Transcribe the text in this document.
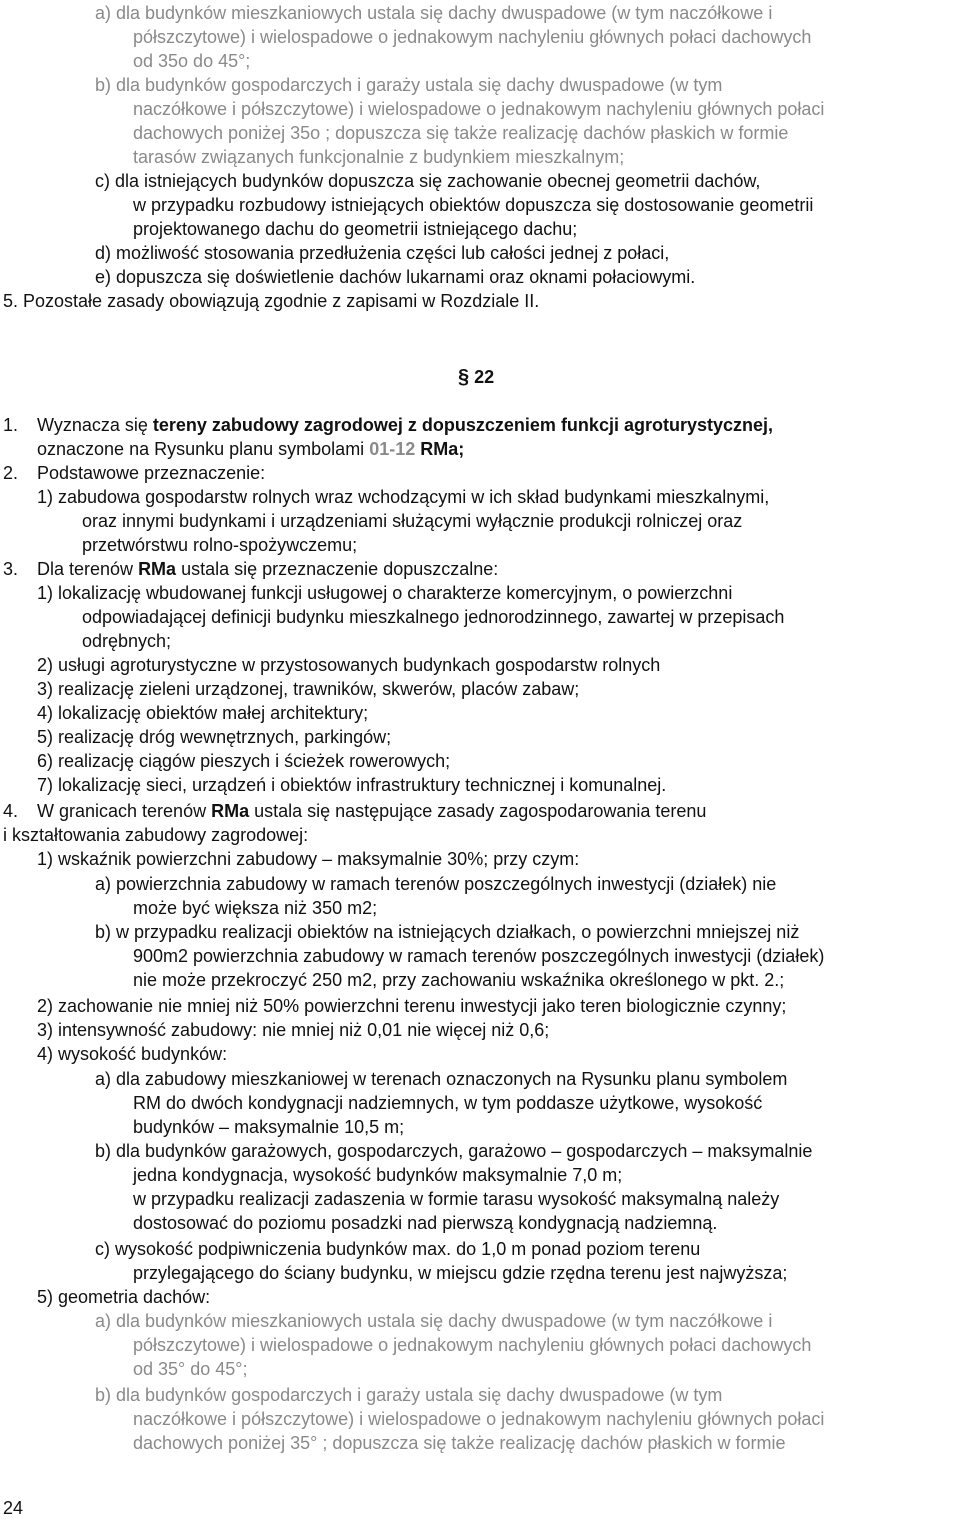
a) dla budynków mieszkaniowych ustala się dachy dwuspadowe (w tym naczółkowe i
półszczytowe) i wielospadowe o jednakowym nachyleniu głównych połaci dachowych
od 35o do 45°;
b) dla budynków gospodarczych i garaży ustala się dachy dwuspadowe (w tym
naczółkowe i półszczytowe) i wielospadowe o jednakowym nachyleniu głównych połaci
dachowych poniżej 35o ; dopuszcza się także realizację dachów płaskich w formie
tarasów związanych funkcjonalnie z budynkiem mieszkalnym;
c) dla istniejących budynków dopuszcza się zachowanie obecnej geometrii dachów,
w przypadku rozbudowy istniejących obiektów dopuszcza się dostosowanie geometrii
projektowanego dachu do geometrii istniejącego dachu;
d) możliwość stosowania przedłużenia części lub całości jednej z połaci,
e) dopuszcza się doświetlenie dachów lukarnami oraz oknami połaciowymi.
5. Pozostałe zasady obowiązują zgodnie z zapisami w Rozdziale II.
§ 22
1. Wyznacza się tereny zabudowy zagrodowej z dopuszczeniem funkcji agroturystycznej,
oznaczone na Rysunku planu symbolami 01-12 RMa;
2. Podstawowe przeznaczenie:
1) zabudowa gospodarstw rolnych wraz wchodzącymi w ich skład budynkami mieszkalnymi,
oraz innymi budynkami i urządzeniami służącymi wyłącznie produkcji rolniczej oraz
przetwórstwu rolno-spożywczemu;
3. Dla terenów RMa ustala się przeznaczenie dopuszczalne:
1) lokalizację wbudowanej funkcji usługowej o charakterze komercyjnym, o powierzchni
odpowiadającej definicji budynku mieszkalnego jednorodzinnego, zawartej w przepisach
odrębnych;
2) usługi agroturystyczne w przystosowanych budynkach gospodarstw rolnych
3) realizację zieleni urządzonej, trawników, skwerów, placów zabaw;
4) lokalizację obiektów małej architektury;
5) realizację dróg wewnętrznych, parkingów;
6) realizację ciągów pieszych i ścieżek rowerowych;
7) lokalizację sieci, urządzeń i obiektów infrastruktury technicznej i komunalnej.
4. W granicach terenów RMa ustala się następujące zasady zagospodarowania terenu
i kształtowania zabudowy zagrodowej:
1) wskaźnik powierzchni zabudowy – maksymalnie 30%; przy czym:
a) powierzchnia zabudowy w ramach terenów poszczególnych inwestycji (działek) nie
może być większa niż 350 m2;
b) w przypadku realizacji obiektów na istniejących działkach, o powierzchni mniejszej niż
900m2 powierzchnia zabudowy w ramach terenów poszczególnych inwestycji (działek)
nie może przekroczyć 250 m2, przy zachowaniu wskaźnika określonego w pkt. 2.;
2) zachowanie nie mniej niż 50% powierzchni terenu inwestycji jako teren biologicznie czynny;
3) intensywność zabudowy: nie mniej niż 0,01 nie więcej niż 0,6;
4) wysokość budynków:
a) dla zabudowy mieszkaniowej w terenach oznaczonych na Rysunku planu symbolem
RM do dwóch kondygnacji nadziemnych, w tym poddasze użytkowe, wysokość
budynków – maksymalnie 10,5 m;
b) dla budynków garażowych, gospodarczych, garażowo – gospodarczych – maksymalnie
jedna kondygnacja, wysokość budynków maksymalnie 7,0 m;
w przypadku realizacji zadaszenia w formie tarasu wysokość maksymalną należy
dostosować do poziomu posadzki nad pierwszą kondygnacją nadziemną.
c) wysokość podpiwniczenia budynków max. do 1,0 m ponad poziom terenu
przylegającego do ściany budynku, w miejscu gdzie rzędna terenu jest najwyższa;
5) geometria dachów:
a) dla budynków mieszkaniowych ustala się dachy dwuspadowe (w tym naczółkowe i
półszczytowe) i wielospadowe o jednakowym nachyleniu głównych połaci dachowych
od 35° do 45°;
b) dla budynków gospodarczych i garaży ustala się dachy dwuspadowe (w tym
naczółkowe i półszczytowe) i wielospadowe o jednakowym nachyleniu głównych połaci
dachowych poniżej 35° ; dopuszcza się także realizację dachów płaskich w formie
24
